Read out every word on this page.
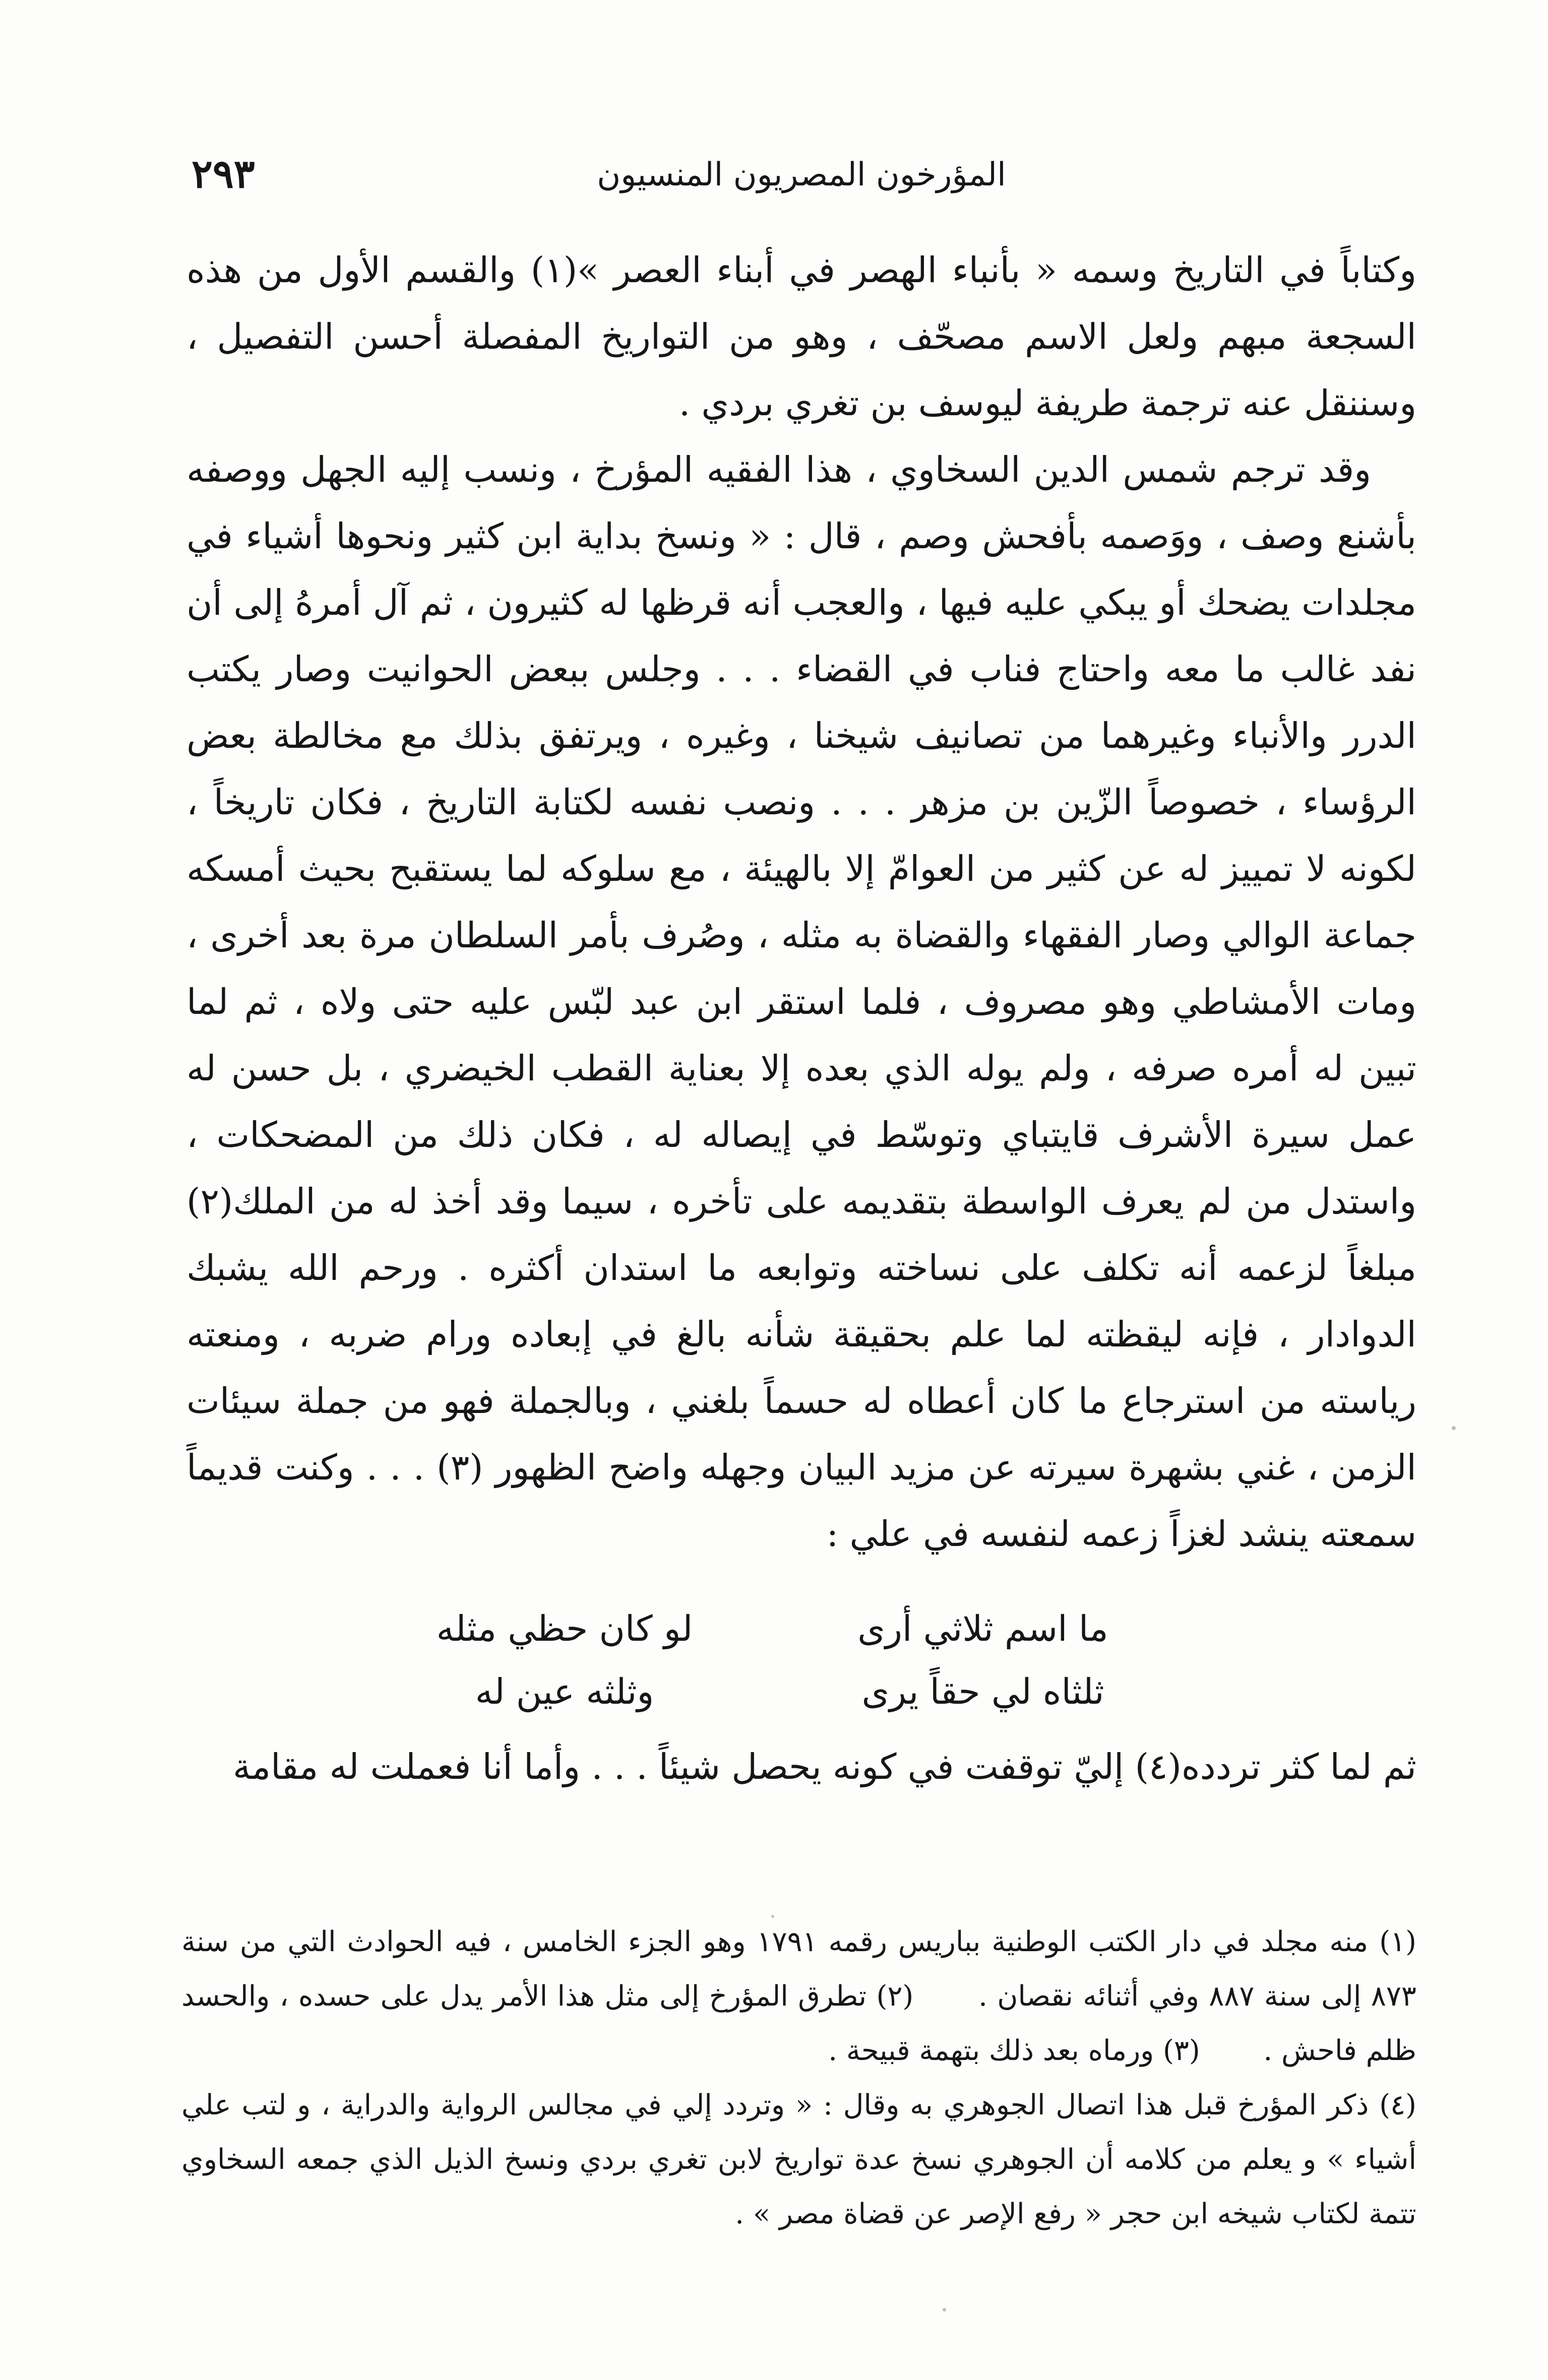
٢٩٣	المؤرخون المصريون المنسيون

وكتاباً في التاريخ وسمه « بأنباء الهصر في أبناء العصر »(١) والقسم الأول من هذه السجعة مبهم ولعل الاسم مصحّف ، وهو من التواريخ المفصلة أحسن التفصيل ، وسننقل عنه ترجمة طريفة ليوسف بن تغري بردي .

وقد ترجم شمس الدين السخاوي ، هذا الفقيه المؤرخ ، ونسب إليه الجهل ووصفه بأشنع وصف ، ووَصمه بأفحش وصم ، قال : « ونسخ بداية ابن كثير ونحوها أشياء في مجلدات يضحك أو يبكي عليه فيها ، والعجب أنه قرظها له كثيرون ، ثم آل أمرهُ إلى أن نفد غالب ما معه واحتاج فناب في القضاء . . . وجلس ببعض الحوانيت وصار يكتب الدرر والأنباء وغيرهما من تصانيف شيخنا ، وغيره ، ويرتفق بذلك مع مخالطة بعض الرؤساء ، خصوصاً الزّين بن مزهر . . . ونصب نفسه لكتابة التاريخ ، فكان تاريخاً ، لكونه لا تمييز له عن كثير من العوامّ إلا بالهيئة ، مع سلوكه لما يستقبح بحيث أمسكه جماعة الوالي وصار الفقهاء والقضاة به مثله ، وصُرف بأمر السلطان مرة بعد أخرى ، ومات الأمشاطي وهو مصروف ، فلما استقر ابن عبد لبّس عليه حتى ولاه ، ثم لما تبين له أمره صرفه ، ولم يوله الذي بعده إلا بعناية القطب الخيضري ، بل حسن له عمل سيرة الأشرف قايتباي وتوسّط في إيصاله له ، فكان ذلك من المضحكات ، واستدل من لم يعرف الواسطة بتقديمه على تأخره ، سيما وقد أخذ له من الملك(٢) مبلغاً لزعمه أنه تكلف على نساخته وتوابعه ما استدان أكثره . ورحم الله يشبك الدوادار ، فإنه ليقظته لما علم بحقيقة شأنه بالغ في إبعاده ورام ضربه ، ومنعته رياسته من استرجاع ما كان أعطاه له حسماً بلغني ، وبالجملة فهو من جملة سيئات الزمن ، غني بشهرة سيرته عن مزيد البيان وجهله واضح الظهور (٣) . . . وكنت قديماً سمعته ينشد لغزاً زعمه لنفسه في علي :

ما اسم ثلاثي أرى
لو كان حظي مثله
ثلثاه لي حقاً يرى
وثلثه عين له
ثم لما كثر تردده(٤) إليّ توقفت في كونه يحصل شيئاً . . . وأما أنا فعملت له مقامة

(١) منه مجلد في دار الكتب الوطنية بباريس رقمه ١٧٩١ وهو الجزء الخامس ، فيه الحوادث التي من سنة ٨٧٣ إلى سنة ٨٨٧ وفي أثنائه نقصان .  (٢) تطرق المؤرخ إلى مثل هذا الأمر يدل على حسده ، والحسد ظلم فاحش .  (٣) ورماه بعد ذلك بتهمة قبيحة .

(٤) ذكر المؤرخ قبل هذا اتصال الجوهري به وقال : « وتردد إلي في مجالس الرواية والدراية ، و لتب علي أشياء » و يعلم من كلامه أن الجوهري نسخ عدة تواريخ لابن تغري بردي ونسخ الذيل الذي جمعه السخاوي تتمة لكتاب شيخه ابن حجر « رفع الإصر عن قضاة مصر » .
